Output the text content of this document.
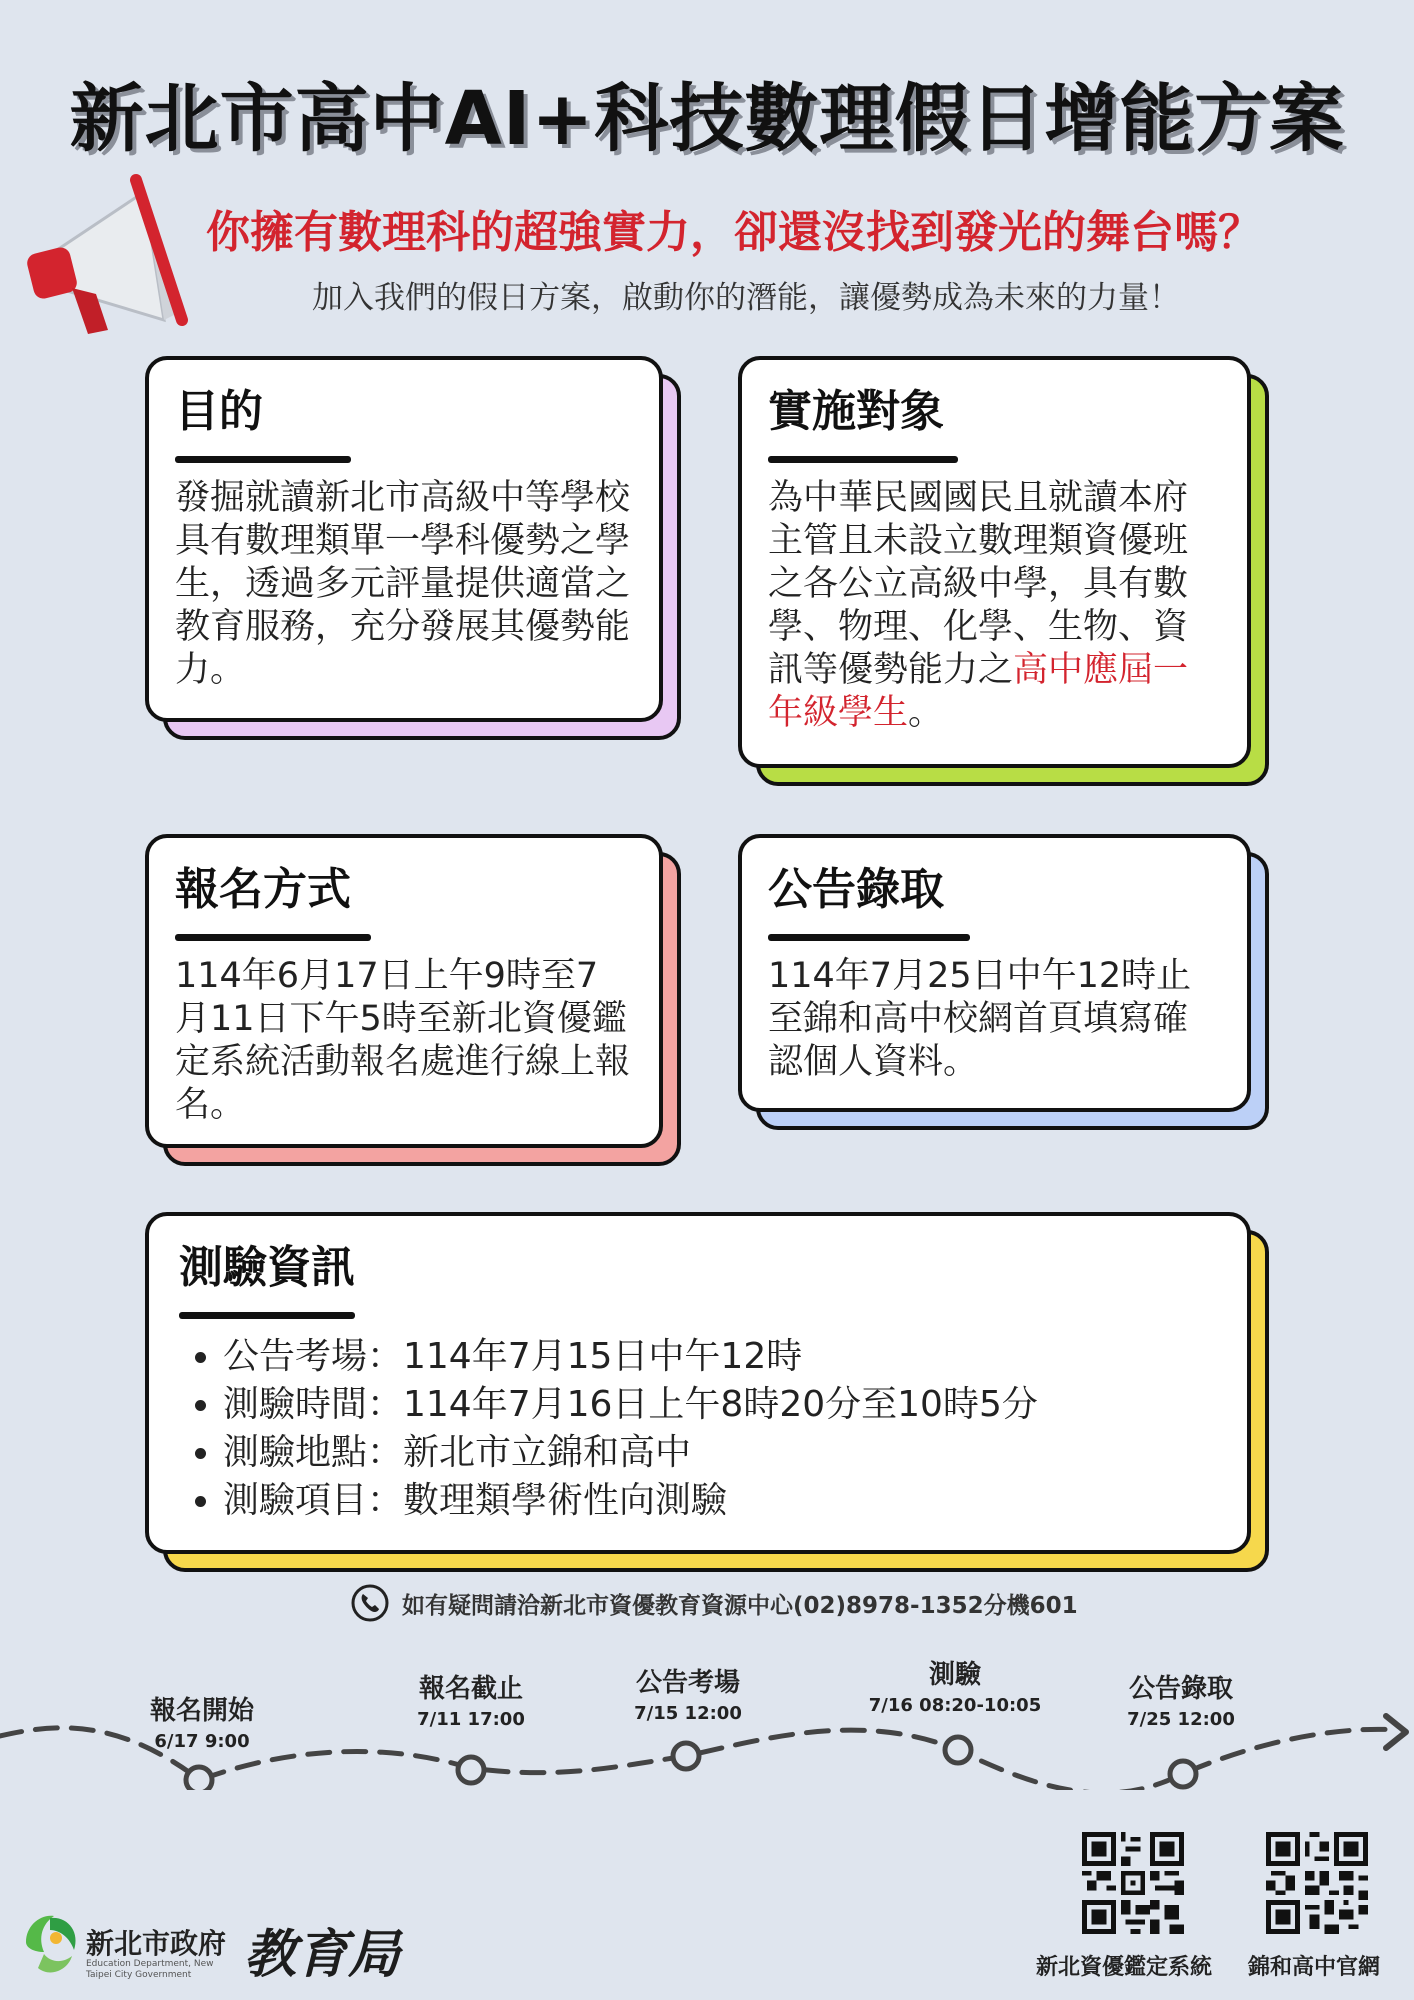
新北市高中AI+科技數理假日增能方案
你擁有數理科的超強實力，卻還沒找到發光的舞台嗎？
加入我們的假日方案，啟動你的潛能，讓優勢成為未來的力量！
目的
發掘就讀新北市高級中等學校具有數理類單一學科優勢之學生，透過多元評量提供適當之教育服務，充分發展其優勢能力。
實施對象
為中華民國國民且就讀本府主管且未設立數理類資優班之各公立高級中學，具有數學、物理、化學、生物、資訊等優勢能力之高中應屆一年級學生。
報名方式
114年6月17日上午9時至7月11日下午5時至新北資優鑑定系統活動報名處進行線上報名。
公告錄取
114年7月25日中午12時止至錦和高中校網首頁填寫確認個人資料。
測驗資訊
• 公告考場：114年7月15日中午12時
• 測驗時間：114年7月16日上午8時20分至10時5分
• 測驗地點：新北市立錦和高中
• 測驗項目：數理類學術性向測驗
如有疑問請洽新北市資優教育資源中心(02)8978-1352分機601
報名開始
6/17 9:00
報名截止
7/11 17:00
公告考場
7/15 12:00
測驗
7/16 08:20-10:05
公告錄取
7/25 12:00
新北資優鑑定系統 錦和高中官網
新北市政府
Education Department, New Taipei City Government	教育局
